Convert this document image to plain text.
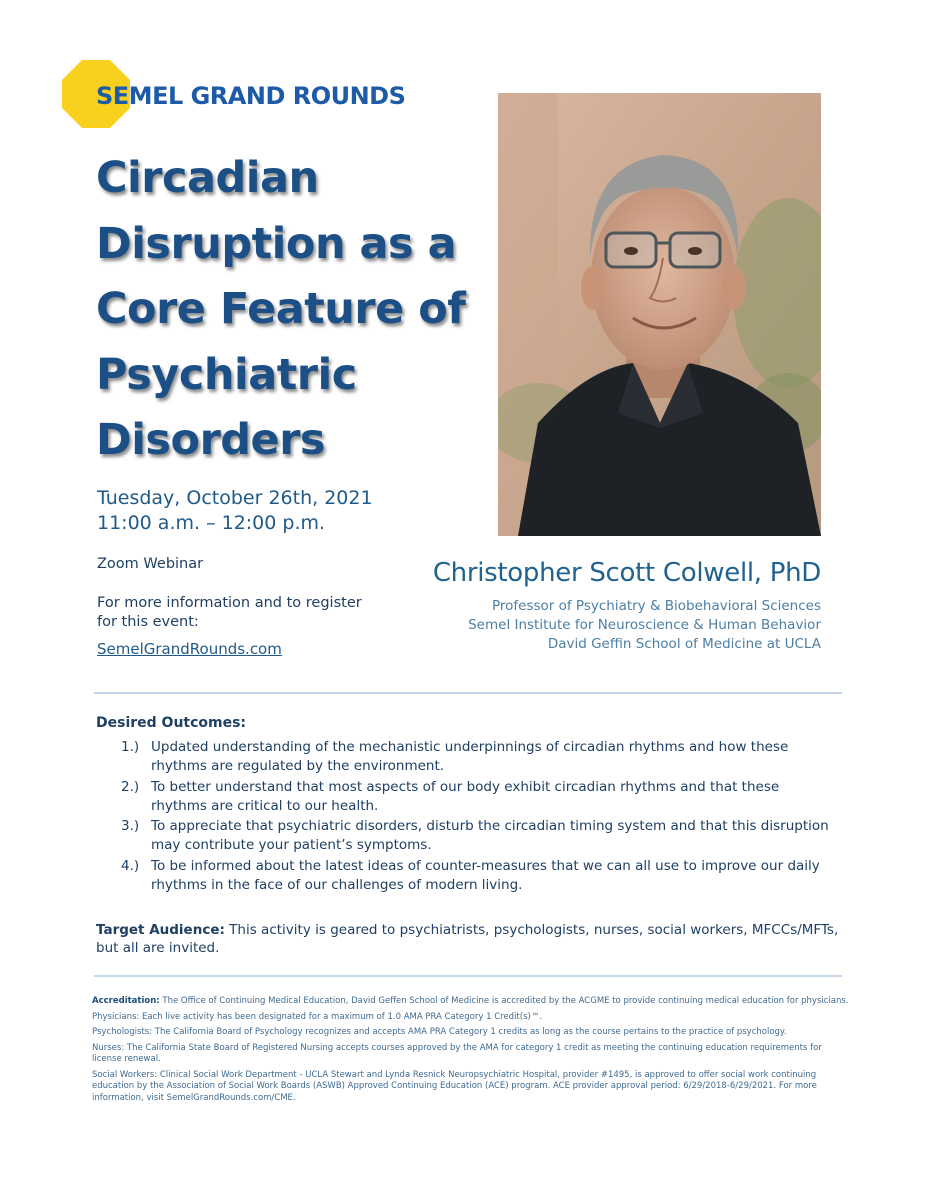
SEMEL GRAND ROUNDS
Circadian
Disruption as a
Core Feature of
Psychiatric
Disorders
Tuesday, October 26th, 2021
11:00 a.m. – 12:00 p.m.
Zoom Webinar
For more information and to register
for this event:
SemelGrandRounds.com
Christopher Scott Colwell, PhD
Professor of Psychiatry & Biobehavioral Sciences
Semel Institute for Neuroscience & Human Behavior
David Geffin School of Medicine at UCLA
Desired Outcomes:
1.) Updated understanding of the mechanistic underpinnings of circadian rhythms and how these rhythms are regulated by the environment.
2.) To better understand that most aspects of our body exhibit circadian rhythms and that these rhythms are critical to our health.
3.) To appreciate that psychiatric disorders, disturb the circadian timing system and that this disruption may contribute your patient’s symptoms.
4.) To be informed about the latest ideas of counter-measures that we can all use to improve our daily rhythms in the face of our challenges of modern living.
Target Audience: This activity is geared to psychiatrists, psychologists, nurses, social workers, MFCCs/MFTs, but all are invited.

Accreditation: The Office of Continuing Medical Education, David Geffen School of Medicine is accredited by the ACGME to provide continuing medical education for physicians.

Physicians: Each live activity has been designated for a maximum of 1.0 AMA PRA Category 1 Credit(s)™.

Psychologists: The California Board of Psychology recognizes and accepts AMA PRA Category 1 credits as long as the course pertains to the practice of psychology.

Nurses: The California State Board of Registered Nursing accepts courses approved by the AMA for category 1 credit as meeting the continuing education requirements for license renewal.

Social Workers: Clinical Social Work Department - UCLA Stewart and Lynda Resnick Neuropsychiatric Hospital, provider #1495, is approved to offer social work continuing education by the Association of Social Work Boards (ASWB) Approved Continuing Education (ACE) program. ACE provider approval period: 6/29/2018-6/29/2021. For more information, visit SemelGrandRounds.com/CME.
